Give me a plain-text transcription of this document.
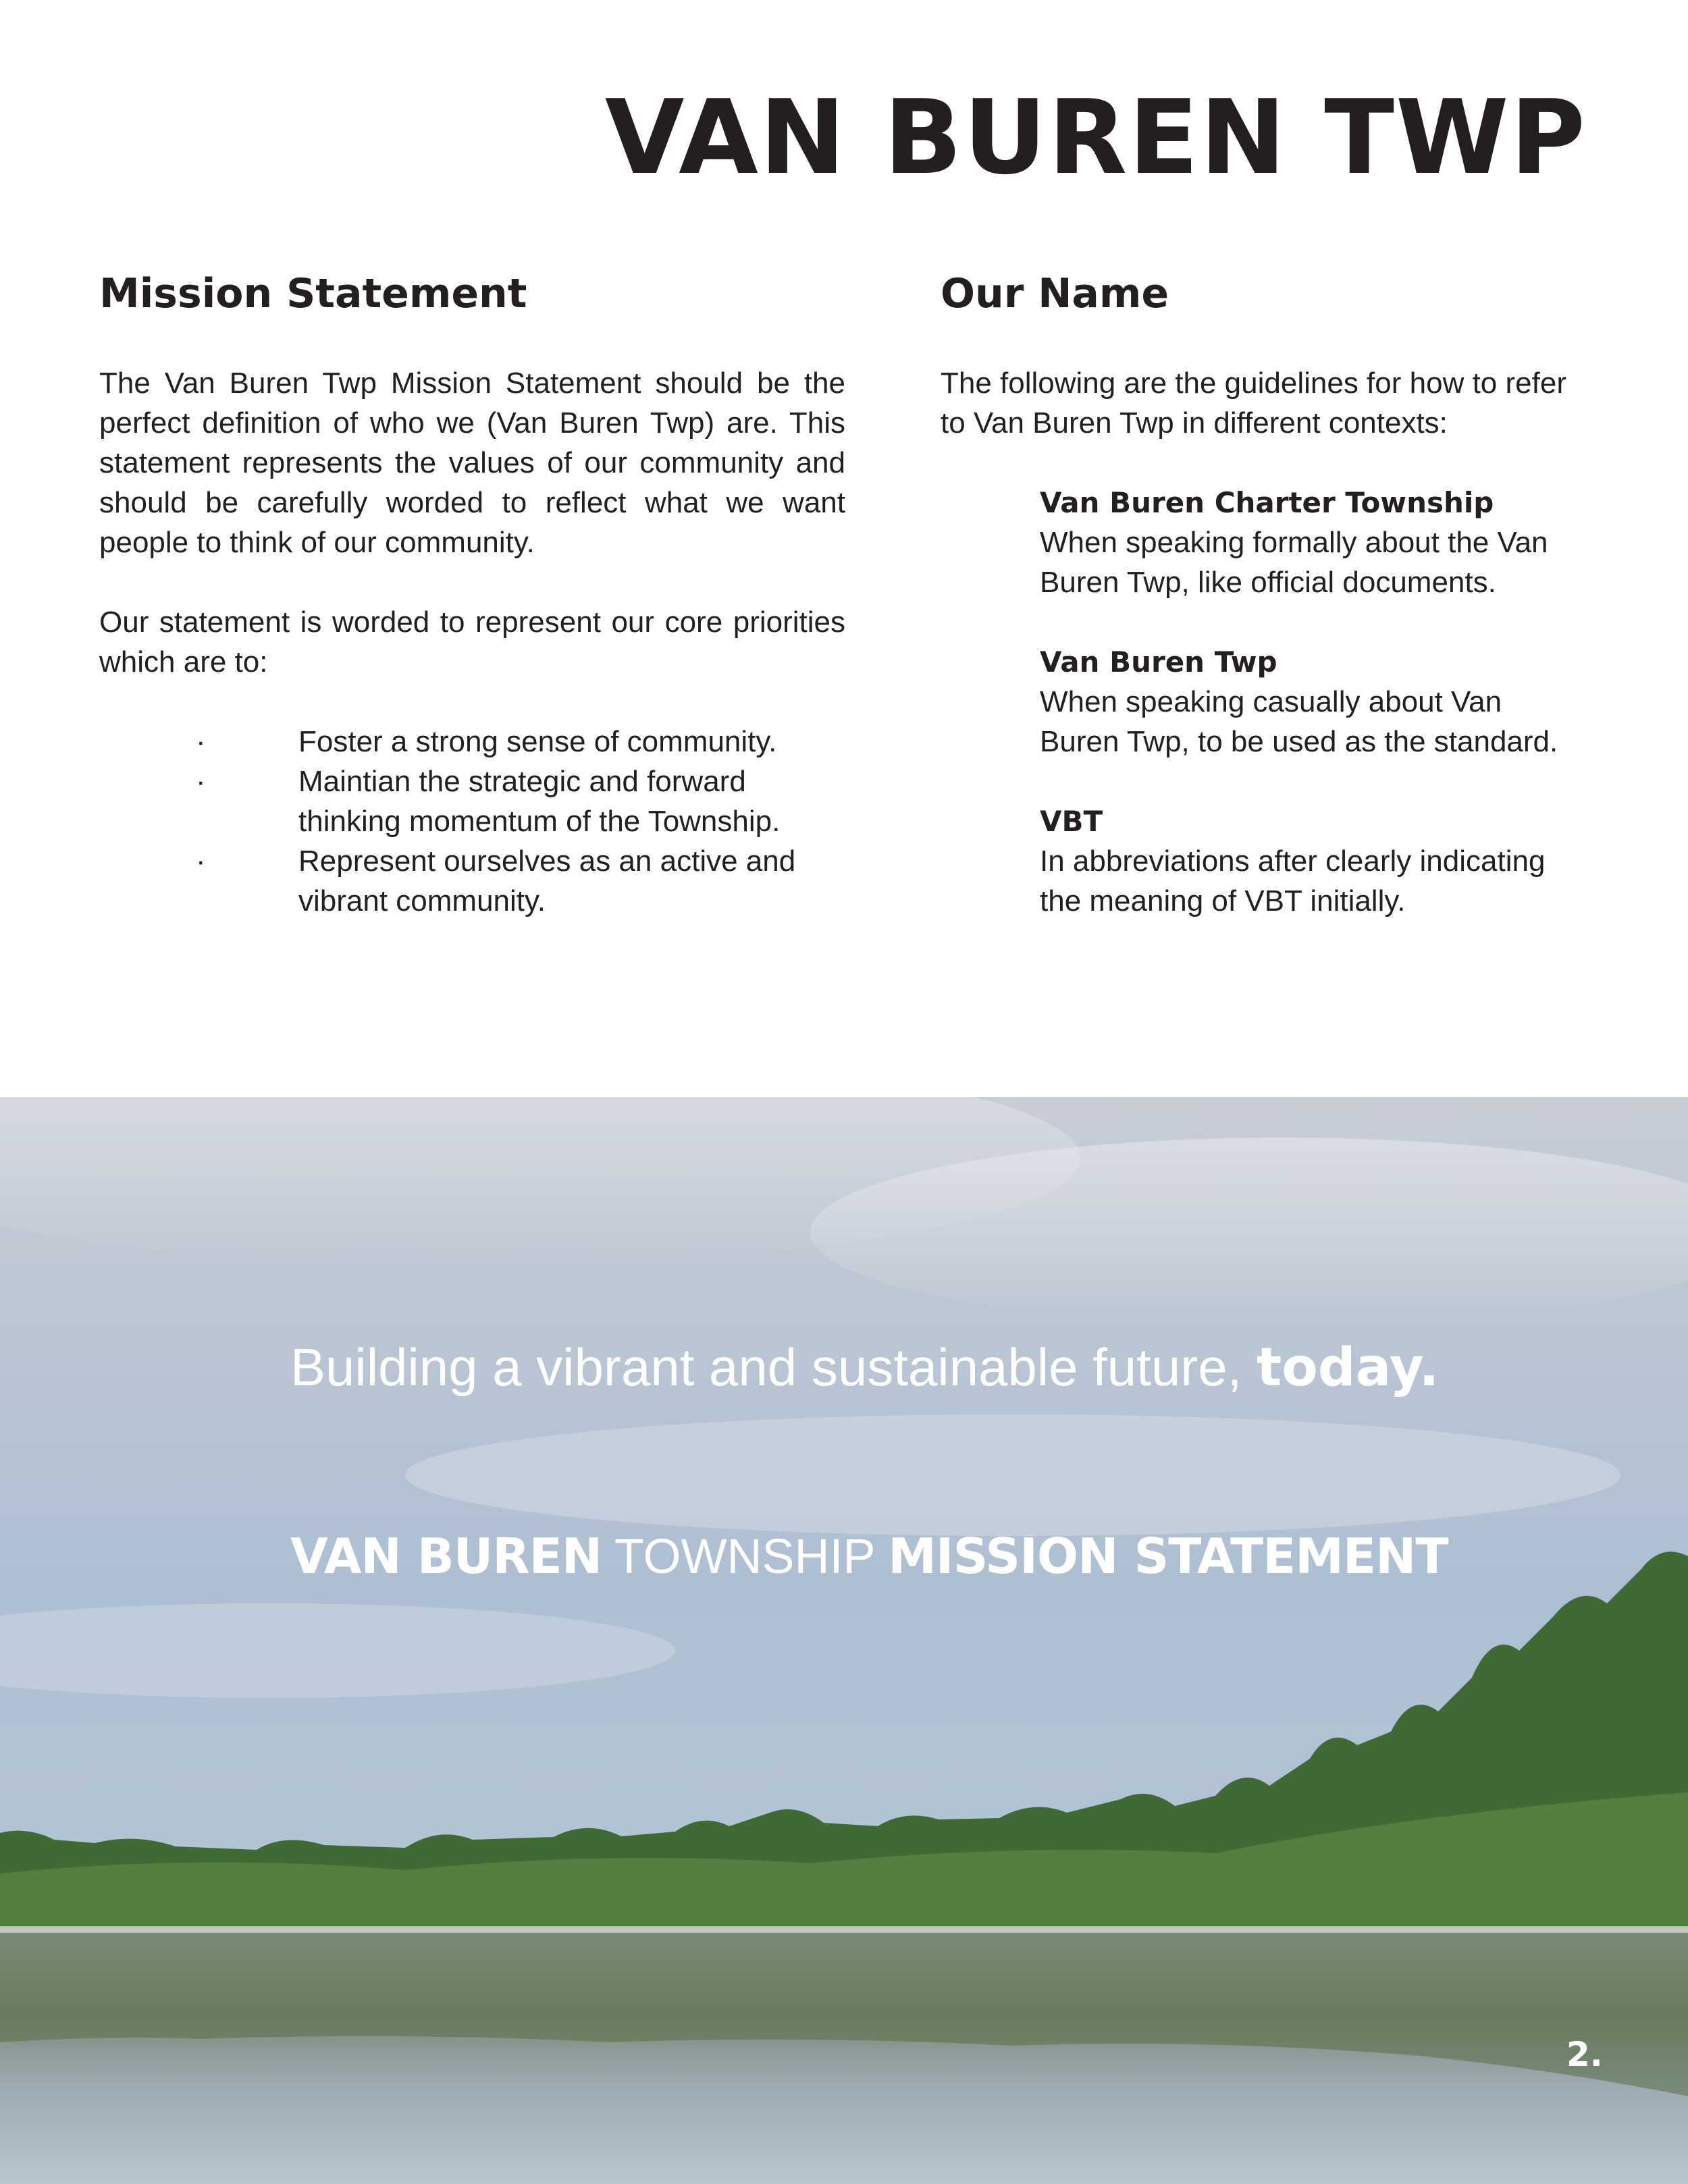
VAN BUREN TWP
Mission Statement

The Van Buren Twp Mission Statement should be the perfect definition of who we (Van Buren Twp) are. This statement represents the values of our community and should be carefully worded to reflect what we want people to think of our community.

Our statement is worded to represent our core priorities which are to:

·	Foster a strong sense of community.
·	Maintian the strategic and forward thinking momentum of the Township.
·	Represent ourselves as an active and vibrant community.
Our Name

The following are the guidelines for how to refer to Van Buren Twp in different contexts:

Van Buren Charter Township
When speaking formally about the Van Buren Twp, like official documents.
Van Buren Twp
When speaking casually about Van Buren Twp, to be used as the standard.
VBT
In abbreviations after clearly indicating the meaning of VBT initially.

Building a vibrant and sustainable future, today.

VAN BUREN TOWNSHIP MISSION STATEMENT

2.
